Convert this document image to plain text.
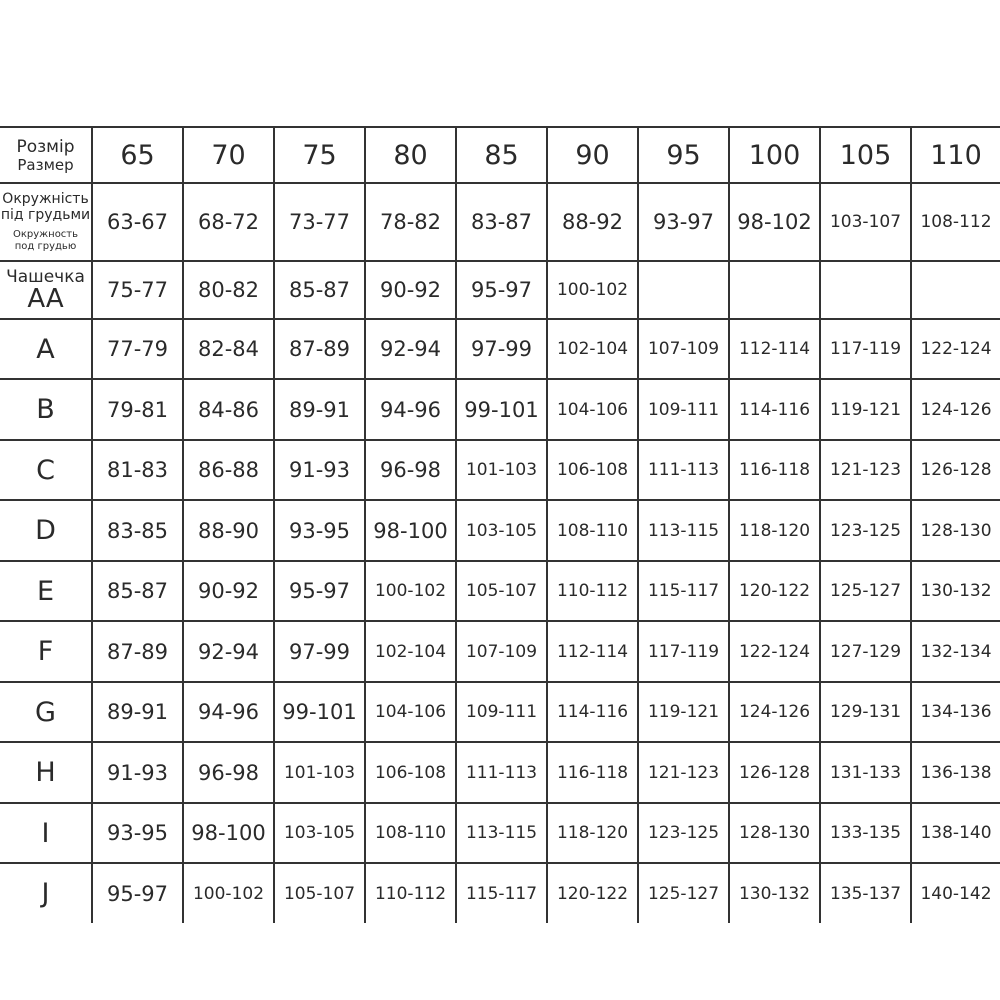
Розмір
Размер	65	70	75	80	85	90	95	100	105	110

Окружність
під грудьми
Окружность
под грудью	63-67	68-72	73-77	78-82	83-87	88-92	93-97	98-102	103-107	108-112

Чашечка
AA	75-77	80-82	85-87	90-92	95-97	100-102				
A	77-79	82-84	87-89	92-94	97-99	102-104	107-109	112-114	117-119	122-124
B	79-81	84-86	89-91	94-96	99-101	104-106	109-111	114-116	119-121	124-126
C	81-83	86-88	91-93	96-98	101-103	106-108	111-113	116-118	121-123	126-128
D	83-85	88-90	93-95	98-100	103-105	108-110	113-115	118-120	123-125	128-130
E	85-87	90-92	95-97	100-102	105-107	110-112	115-117	120-122	125-127	130-132
F	87-89	92-94	97-99	102-104	107-109	112-114	117-119	122-124	127-129	132-134
G	89-91	94-96	99-101	104-106	109-111	114-116	119-121	124-126	129-131	134-136
H	91-93	96-98	101-103	106-108	111-113	116-118	121-123	126-128	131-133	136-138
I	93-95	98-100	103-105	108-110	113-115	118-120	123-125	128-130	133-135	138-140
J	95-97	100-102	105-107	110-112	115-117	120-122	125-127	130-132	135-137	140-142
